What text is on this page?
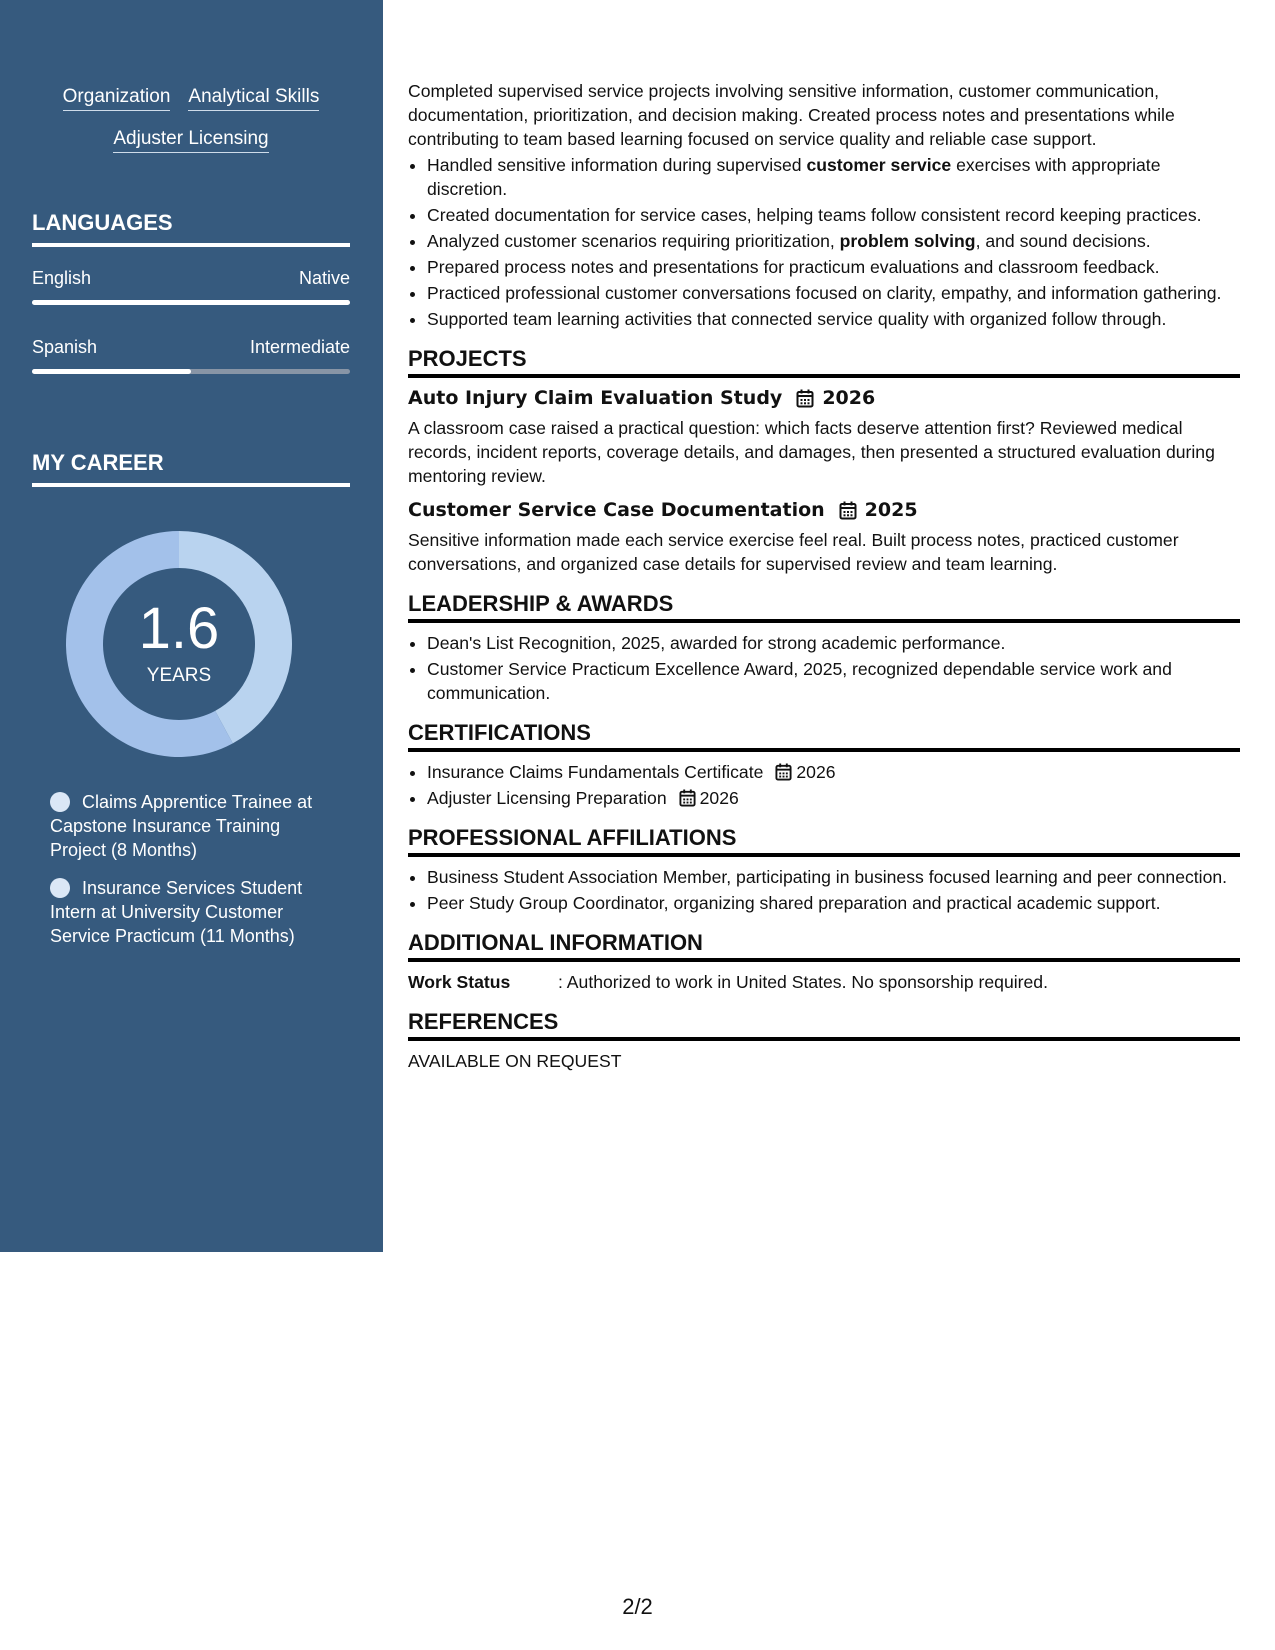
Organization Analytical Skills
Adjuster Licensing
LANGUAGES
English	Native
Spanish	Intermediate
MY CAREER
1.6
YEARS
Claims Apprentice Trainee at Capstone Insurance Training Project (8 Months)
Insurance Services Student Intern at University Customer Service Practicum (11 Months)

Completed supervised service projects involving sensitive information, customer communication, documentation, prioritization, and decision making. Created process notes and presentations while contributing to team based learning focused on service quality and reliable case support.

• Handled sensitive information during supervised customer service exercises with appropriate discretion.
• Created documentation for service cases, helping teams follow consistent record keeping practices.
• Analyzed customer scenarios requiring prioritization, problem solving, and sound decisions.
• Prepared process notes and presentations for practicum evaluations and classroom feedback.
• Practiced professional customer conversations focused on clarity, empathy, and information gathering.
• Supported team learning activities that connected service quality with organized follow through.
PROJECTS
Auto Injury Claim Evaluation Study 2026

A classroom case raised a practical question: which facts deserve attention first? Reviewed medical records, incident reports, coverage details, and damages, then presented a structured evaluation during mentoring review.

Customer Service Case Documentation 2025

Sensitive information made each service exercise feel real. Built process notes, practiced customer conversations, and organized case details for supervised review and team learning.

LEADERSHIP & AWARDS
• Dean's List Recognition, 2025, awarded for strong academic performance.
• Customer Service Practicum Excellence Award, 2025, recognized dependable service work and communication.
CERTIFICATIONS
• Insurance Claims Fundamentals Certificate 2026
• Adjuster Licensing Preparation 2026
PROFESSIONAL AFFILIATIONS
• Business Student Association Member, participating in business focused learning and peer connection.
• Peer Study Group Coordinator, organizing shared preparation and practical academic support.
ADDITIONAL INFORMATION
Work Status	: Authorized to work in United States. No sponsorship required.
REFERENCES

AVAILABLE ON REQUEST

2/2
